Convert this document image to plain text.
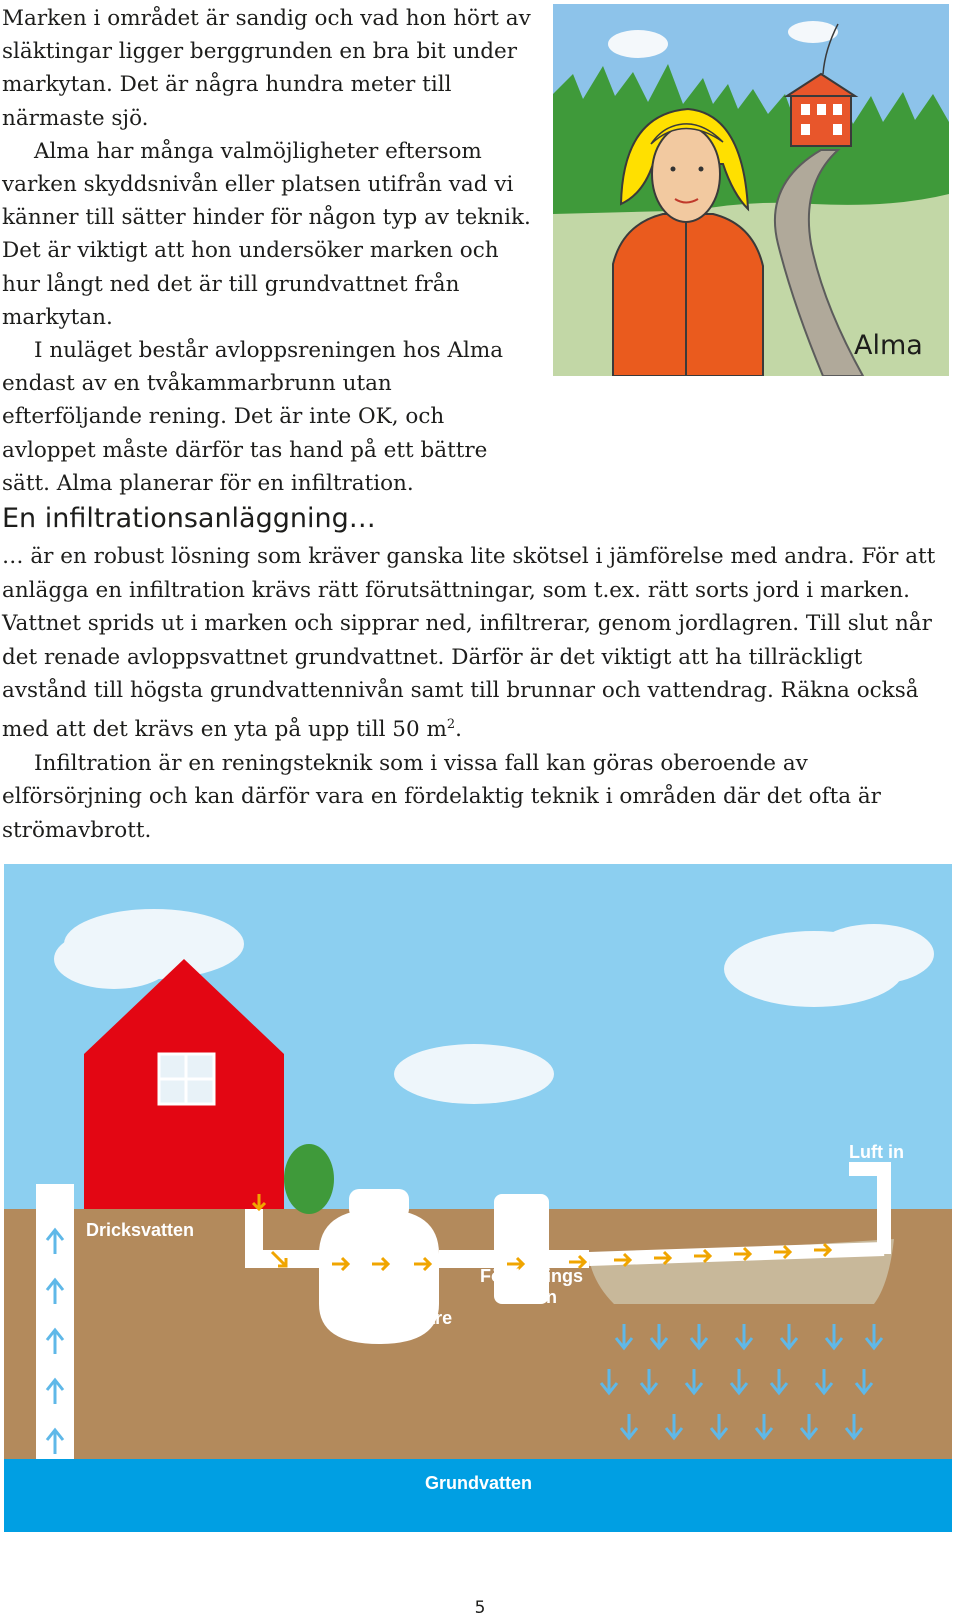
Marken i området är sandig och vad hon hört av släktingar ligger berggrunden en bra bit under markytan. Det är några hundra meter till närmaste sjö.

Alma har många valmöjligheter eftersom varken skyddsnivån eller platsen utifrån vad vi känner till sätter hinder för någon typ av teknik. Det är viktigt att hon undersöker marken och hur långt ned det är till grundvattnet från markytan.

I nuläget består avloppsreningen hos Alma endast av en tvåkammarbrunn utan efterföljande rening. Det är inte OK, och avloppet måste därför tas hand på ett bättre sätt. Alma planerar för en infiltration.

Alma
En infiltrationsanläggning…

… är en robust lösning som kräver ganska lite skötsel i jämförelse med andra. För att anlägga en infiltration krävs rätt förutsättningar, som t.ex. rätt sorts jord i marken. Vattnet sprids ut i marken och sipprar ned, infiltrerar, genom jordlagren. Till slut når det renade avloppsvattnet grundvattnet. Därför är det viktigt att ha tillräckligt avstånd till högsta grundvattennivån samt till brunnar och vattendrag. Räkna också med att det krävs en yta på upp till 50 $m^2$.

Infiltration är en reningsteknik som i vissa fall kan göras oberoende av elförsörjning och kan därför vara en fördelaktig teknik i områden där det ofta är strömavbrott.

Luft in
Dricksvatten
Slamavskiljare
Fördelnings
brunn
Grundvatten
5
